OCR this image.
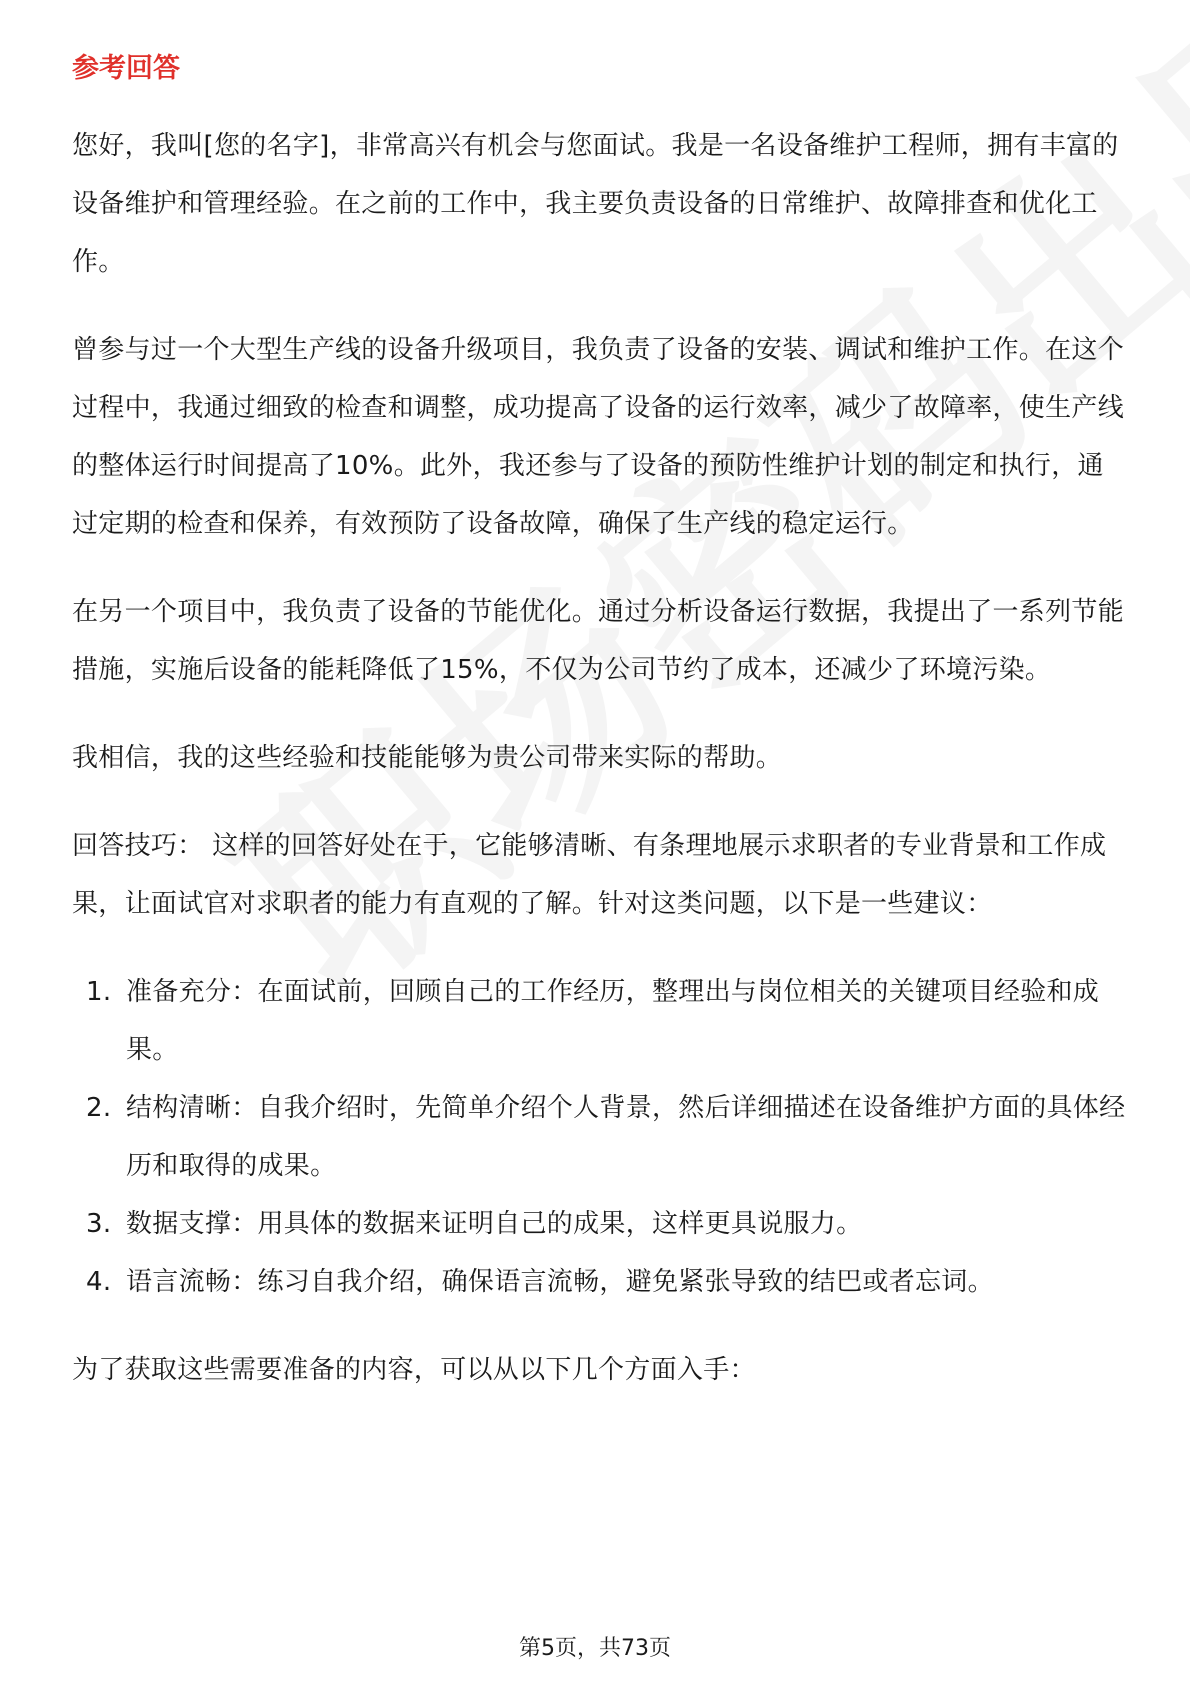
参考回答

您好，我叫[您的名字]，非常高兴有机会与您面试。我是一名设备维护工程师，拥有丰富的设备维护和管理经验。在之前的工作中，我主要负责设备的日常维护、故障排查和优化工作。

曾参与过一个大型生产线的设备升级项目，我负责了设备的安装、调试和维护工作。在这个过程中，我通过细致的检查和调整，成功提高了设备的运行效率，减少了故障率，使生产线的整体运行时间提高了10%。此外，我还参与了设备的预防性维护计划的制定和执行，通过定期的检查和保养，有效预防了设备故障，确保了生产线的稳定运行。

在另一个项目中，我负责了设备的节能优化。通过分析设备运行数据，我提出了一系列节能措施，实施后设备的能耗降低了15%，不仅为公司节约了成本，还减少了环境污染。

我相信，我的这些经验和技能能够为贵公司带来实际的帮助。

回答技巧： 这样的回答好处在于，它能够清晰、有条理地展示求职者的专业背景和工作成果，让面试官对求职者的能力有直观的了解。针对这类问题，以下是一些建议：

1. 准备充分：在面试前，回顾自己的工作经历，整理出与岗位相关的关键项目经验和成果。
2. 结构清晰：自我介绍时，先简单介绍个人背景，然后详细描述在设备维护方面的具体经历和取得的成果。
3. 数据支撑：用具体的数据来证明自己的成果，这样更具说服力。
4. 语言流畅：练习自我介绍，确保语言流畅，避免紧张导致的结巴或者忘词。

为了获取这些需要准备的内容，可以从以下几个方面入手：

第5页，共73页
